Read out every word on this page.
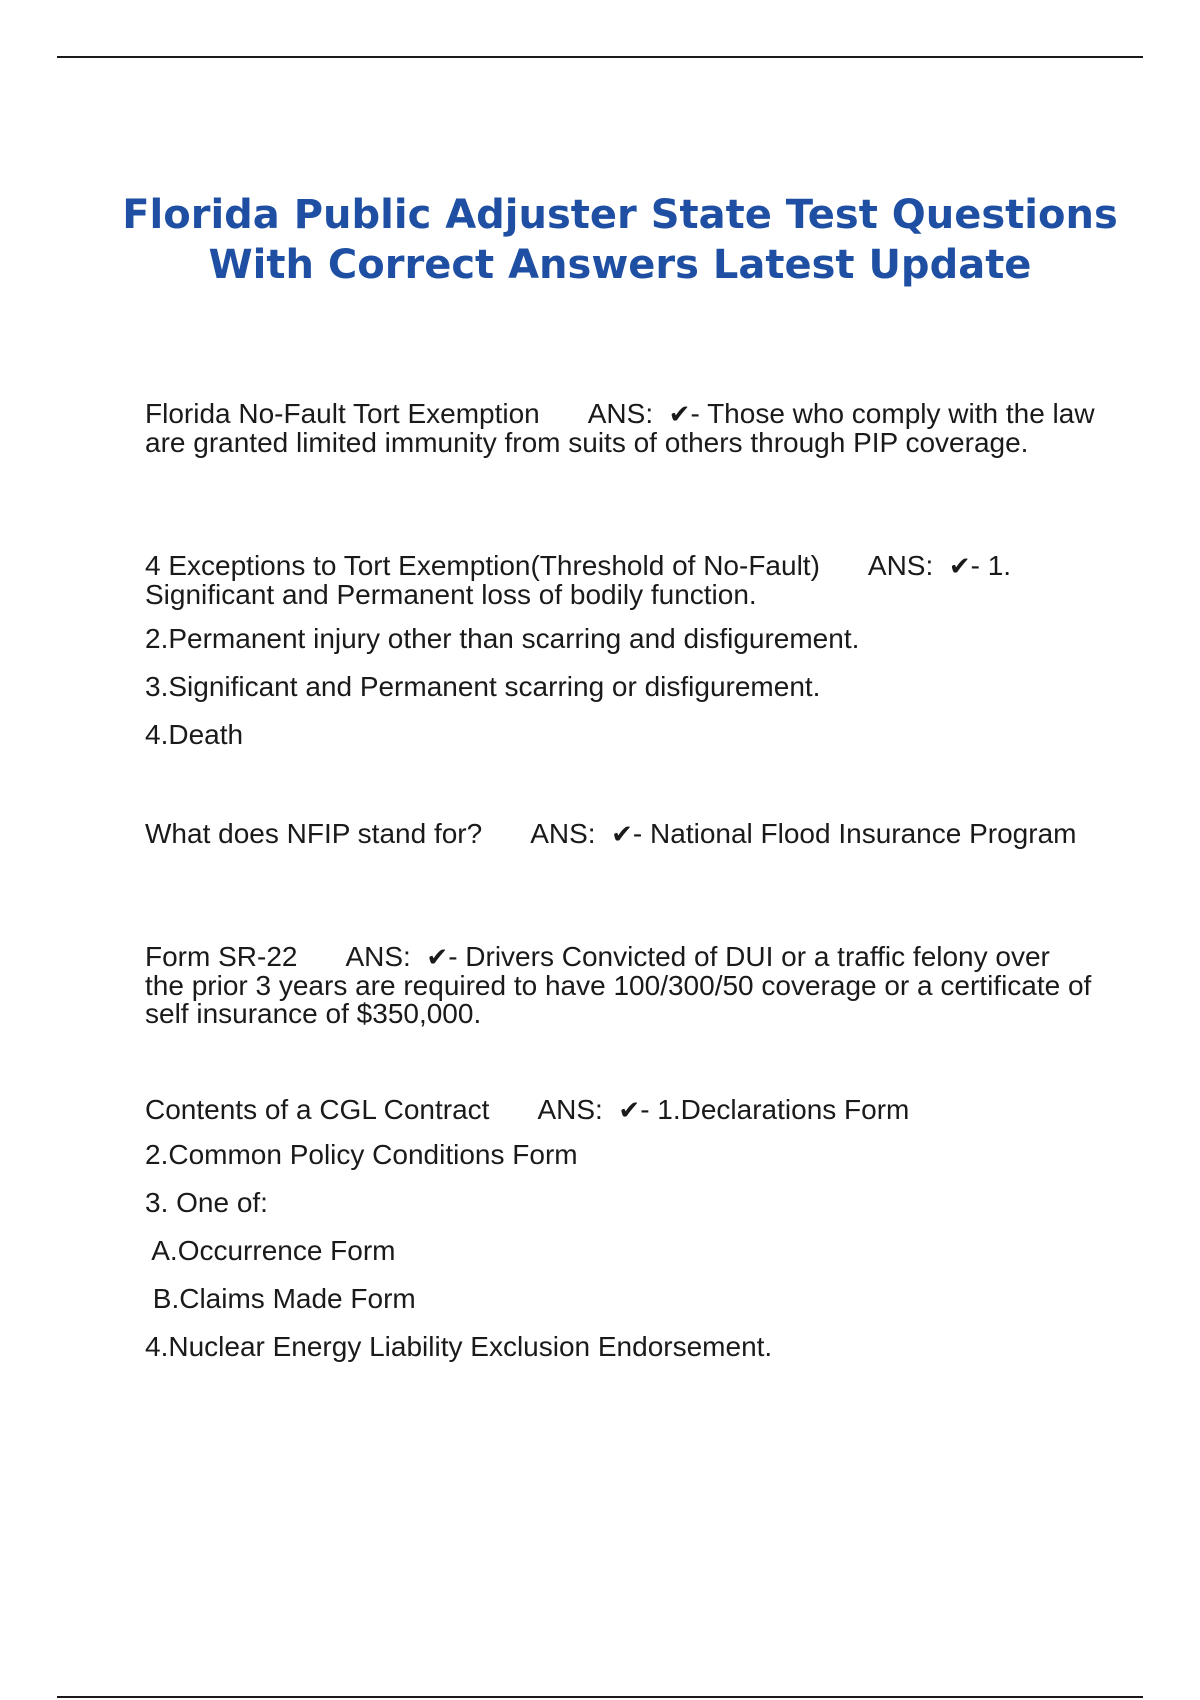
Florida Public Adjuster State Test Questions
With Correct Answers Latest Update

Florida No-Fault Tort Exemption ANS: ✔- Those who comply with the law are granted limited immunity from suits of others through PIP coverage.

4 Exceptions to Tort Exemption(Threshold of No-Fault) ANS: ✔- 1. Significant and Permanent loss of bodily function.

2.Permanent injury other than scarring and disfigurement.

3.Significant and Permanent scarring or disfigurement.

4.Death

What does NFIP stand for? ANS: ✔- National Flood Insurance Program

Form SR-22 ANS: ✔- Drivers Convicted of DUI or a traffic felony over the prior 3 years are required to have 100/300/50 coverage or a certificate of self insurance of $350,000.

Contents of a CGL Contract ANS: ✔- 1.Declarations Form

2.Common Policy Conditions Form

3. One of:

A.Occurrence Form

B.Claims Made Form

4.Nuclear Energy Liability Exclusion Endorsement.
